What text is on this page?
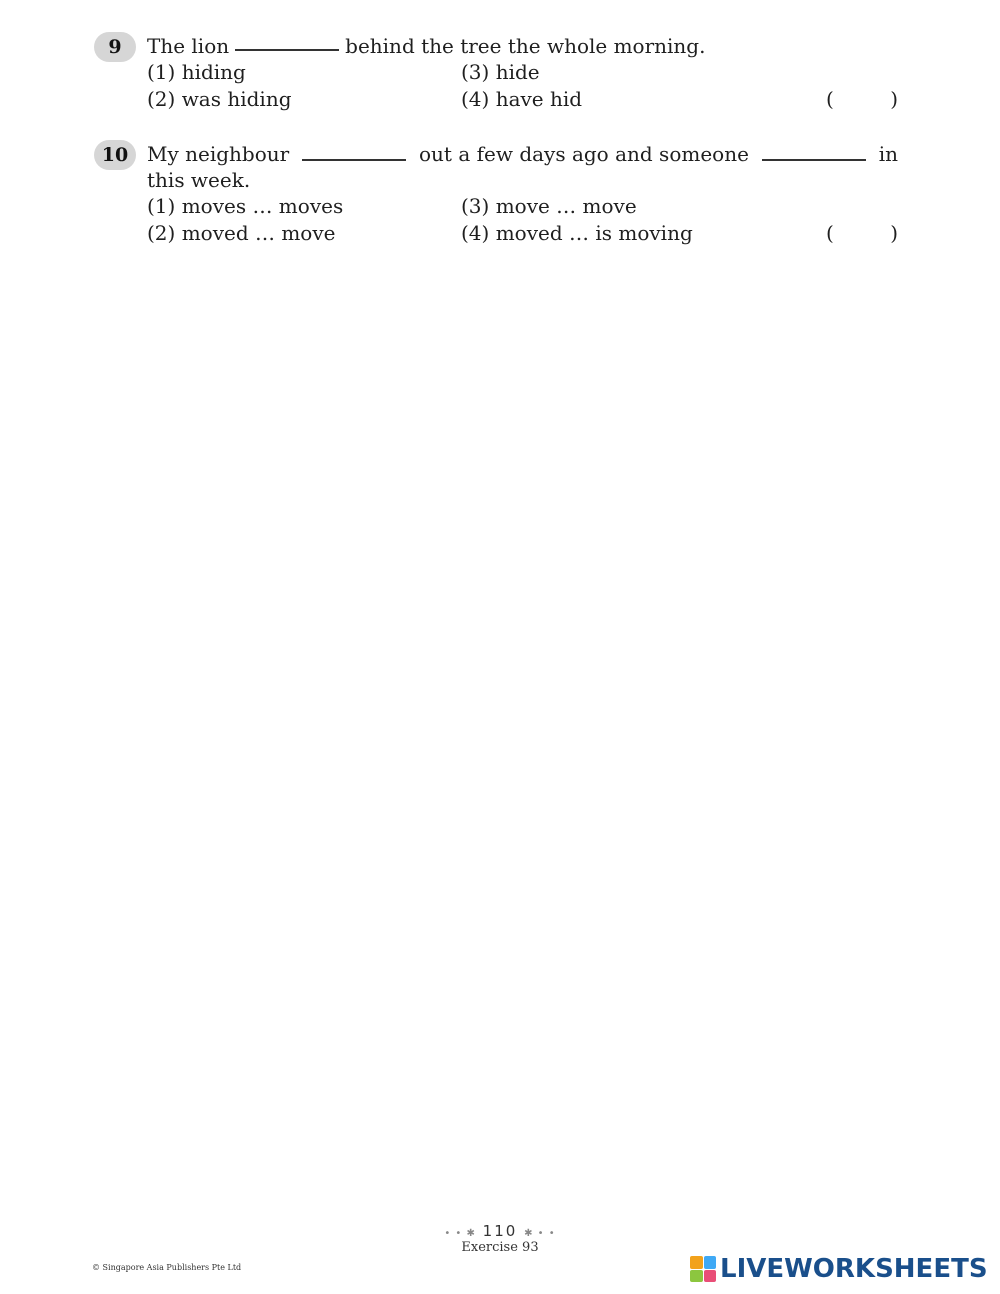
9	The lion	behind the tree the whole morning.
(1) hiding
(2) was hiding
(3) hide
(4) have hid	(	)
10 My neighbour	out a few days ago and someone	in
this week.
(1) moves … moves
(2) moved … move
(3) move … move
(4) moved … is moving	(	)
• • ✱ 110 ✱ • •
Exercise 93
© Singapore Asia Publishers Pte Ltd	LIVEWORKSHEETS
